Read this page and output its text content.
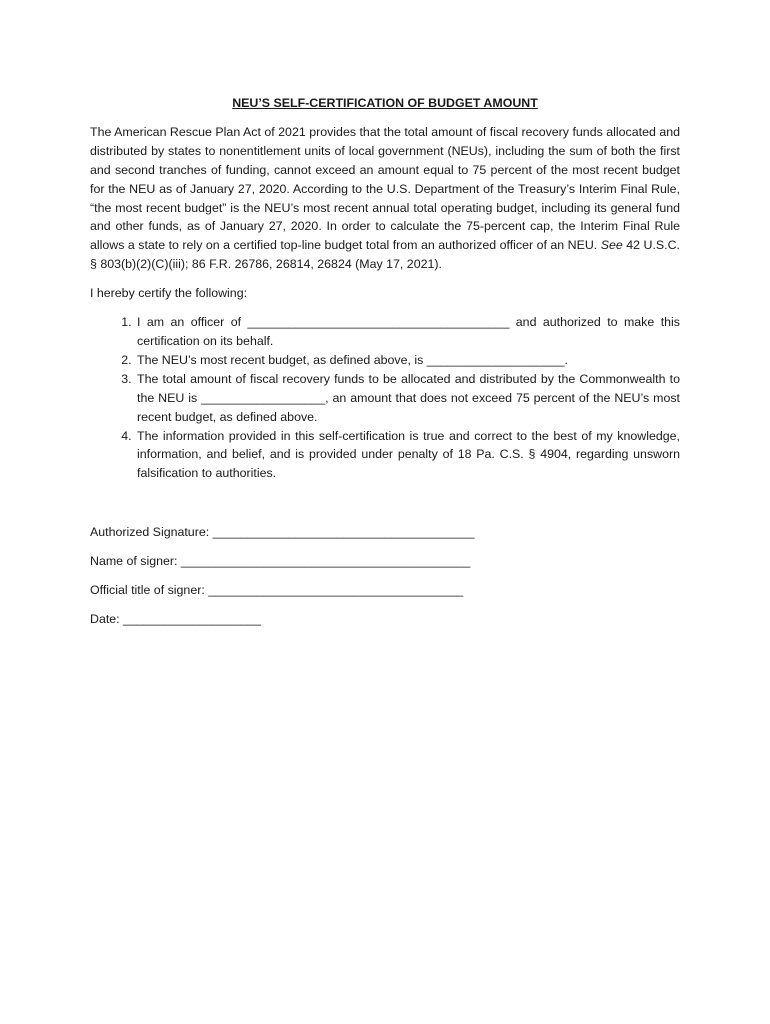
NEU’S SELF-CERTIFICATION OF BUDGET AMOUNT
The American Rescue Plan Act of 2021 provides that the total amount of fiscal recovery funds allocated and distributed by states to nonentitlement units of local government (NEUs), including the sum of both the first and second tranches of funding, cannot exceed an amount equal to 75 percent of the most recent budget for the NEU as of January 27, 2020. According to the U.S. Department of the Treasury’s Interim Final Rule, “the most recent budget” is the NEU’s most recent annual total operating budget, including its general fund and other funds, as of January 27, 2020. In order to calculate the 75-percent cap, the Interim Final Rule allows a state to rely on a certified top-line budget total from an authorized officer of an NEU. See 42 U.S.C. § 803(b)(2)(C)(iii); 86 F.R. 26786, 26814, 26824 (May 17, 2021).
I hereby certify the following:
1. I am an officer of ______________________________________ and authorized to make this certification on its behalf.
2. The NEU’s most recent budget, as defined above, is ____________________.
3. The total amount of fiscal recovery funds to be allocated and distributed by the Commonwealth to the NEU is __________________, an amount that does not exceed 75 percent of the NEU’s most recent budget, as defined above.
4. The information provided in this self-certification is true and correct to the best of my knowledge, information, and belief, and is provided under penalty of 18 Pa. C.S. § 4904, regarding unsworn falsification to authorities.
Authorized Signature: ______________________________________
Name of signer: __________________________________________
Official title of signer: _____________________________________
Date: ____________________
